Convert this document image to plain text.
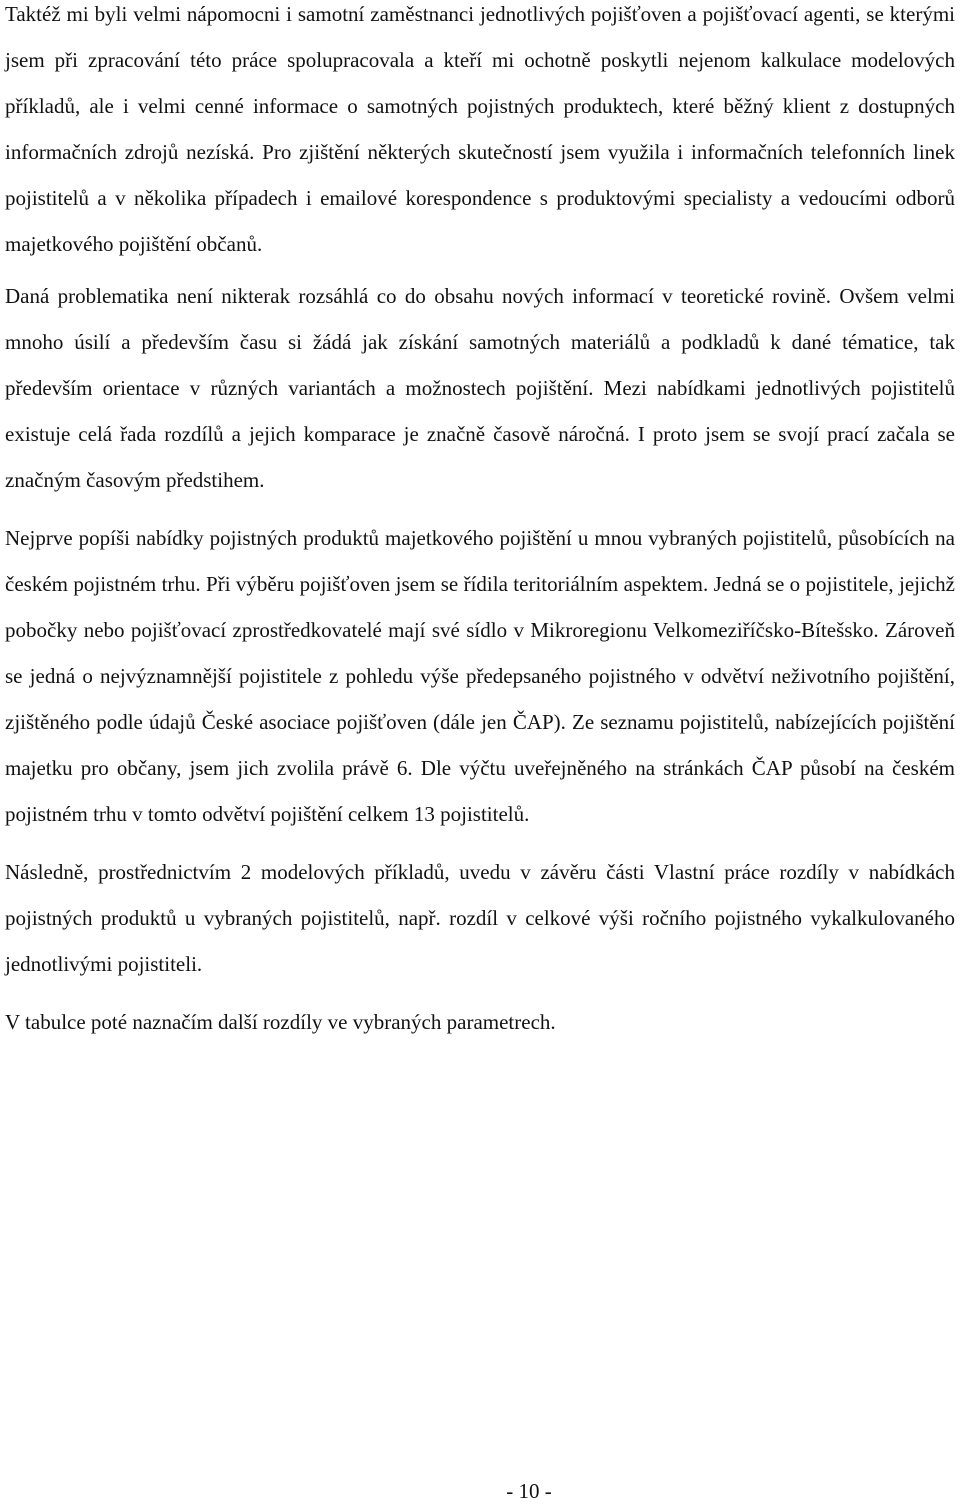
Taktéž mi byli velmi nápomocni i samotní zaměstnanci jednotlivých pojišťoven a pojišťovací agenti, se kterými jsem při zpracování této práce spolupracovala a kteří mi ochotně poskytli nejenom kalkulace modelových příkladů, ale i velmi cenné informace o samotných pojistných produktech, které běžný klient z dostupných informačních zdrojů nezíská. Pro zjištění některých skutečností jsem využila i informačních telefonních linek pojistitelů a v několika případech i emailové korespondence s produktovými specialisty a vedoucími odborů majetkového pojištění občanů.

Daná problematika není nikterak rozsáhlá co do obsahu nových informací v teoretické rovině. Ovšem velmi mnoho úsilí a především času si žádá jak získání samotných materiálů a podkladů k dané tématice, tak především orientace v různých variantách a možnostech pojištění. Mezi nabídkami jednotlivých pojistitelů existuje celá řada rozdílů a jejich komparace je značně časově náročná. I proto jsem se svojí prací začala se značným časovým předstihem.

Nejprve popíši nabídky pojistných produktů majetkového pojištění u mnou vybraných pojistitelů, působících na českém pojistném trhu. Při výběru pojišťoven jsem se řídila teritoriálním aspektem. Jedná se o pojistitele, jejichž pobočky nebo pojišťovací zprostředkovatelé mají své sídlo v Mikroregionu Velkomeziříčsko-Bítešsko. Zároveň se jedná o nejvýznamnější pojistitele z pohledu výše předepsaného pojistného v odvětví neživotního pojištění, zjištěného podle údajů České asociace pojišťoven (dále jen ČAP). Ze seznamu pojistitelů, nabízejících pojištění majetku pro občany, jsem jich zvolila právě 6. Dle výčtu uveřejněného na stránkách ČAP působí na českém pojistném trhu v tomto odvětví pojištění celkem 13 pojistitelů.

Následně, prostřednictvím 2 modelových příkladů, uvedu v závěru části Vlastní práce rozdíly v nabídkách pojistných produktů u vybraných pojistitelů, např. rozdíl v celkové výši ročního pojistného vykalkulovaného jednotlivými pojistiteli.

V tabulce poté naznačím další rozdíly ve vybraných parametrech.

- 10 -
